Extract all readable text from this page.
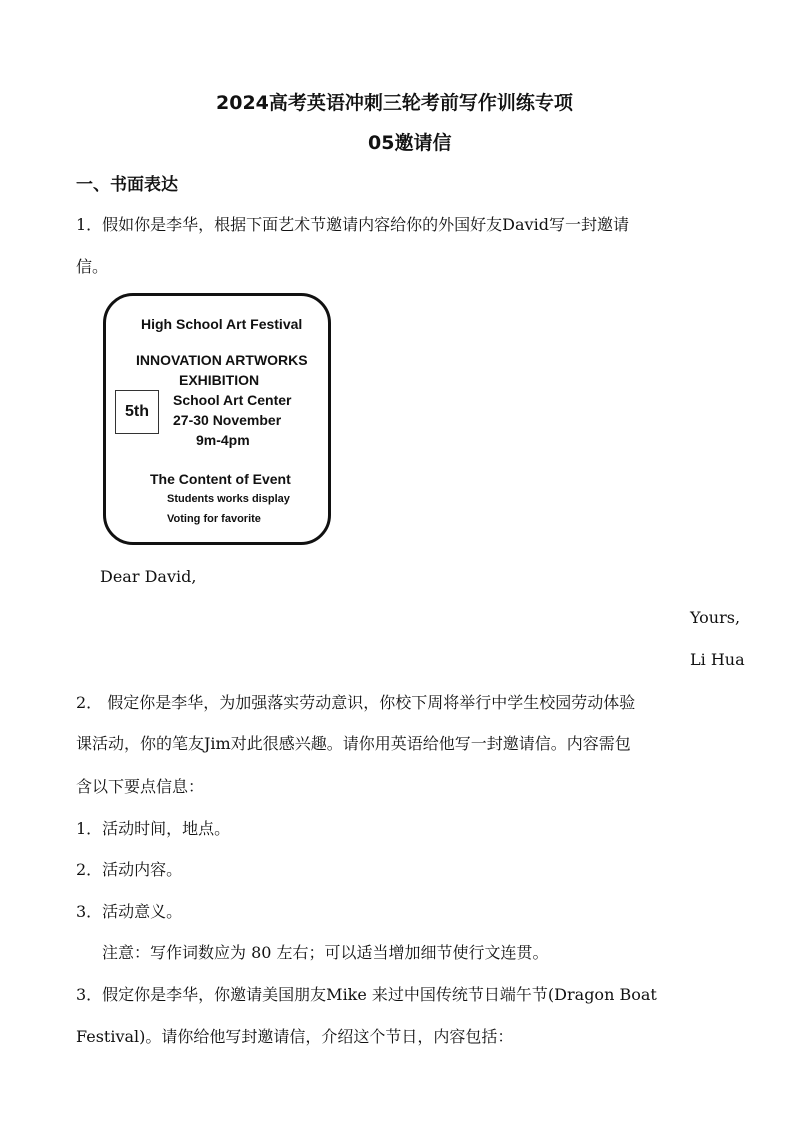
2024高考英语冲刺三轮考前写作训练专项
05邀请信
一、书面表达
1．假如你是李华，根据下面艺术节邀请内容给你的外国好友David写一封邀请
信。
High School Art Festival
INNOVATION ARTWORKS
EXHIBITION
5th
School Art Center
27-30 November
9m-4pm
The Content of Event
Students works display
Voting for favorite
Dear David,
Yours,
Li Hua
2． 假定你是李华，为加强落实劳动意识，你校下周将举行中学生校园劳动体验
课活动，你的笔友Jim对此很感兴趣。请你用英语给他写一封邀请信。内容需包
含以下要点信息：
1．活动时间，地点。
2．活动内容。
3．活动意义。
注意：写作词数应为 80 左右；可以适当增加细节使行文连贯。
3．假定你是李华，你邀请美国朋友Mike 来过中国传统节日端午节(Dragon Boat
Festival)。请你给他写封邀请信，介绍这个节日，内容包括：
